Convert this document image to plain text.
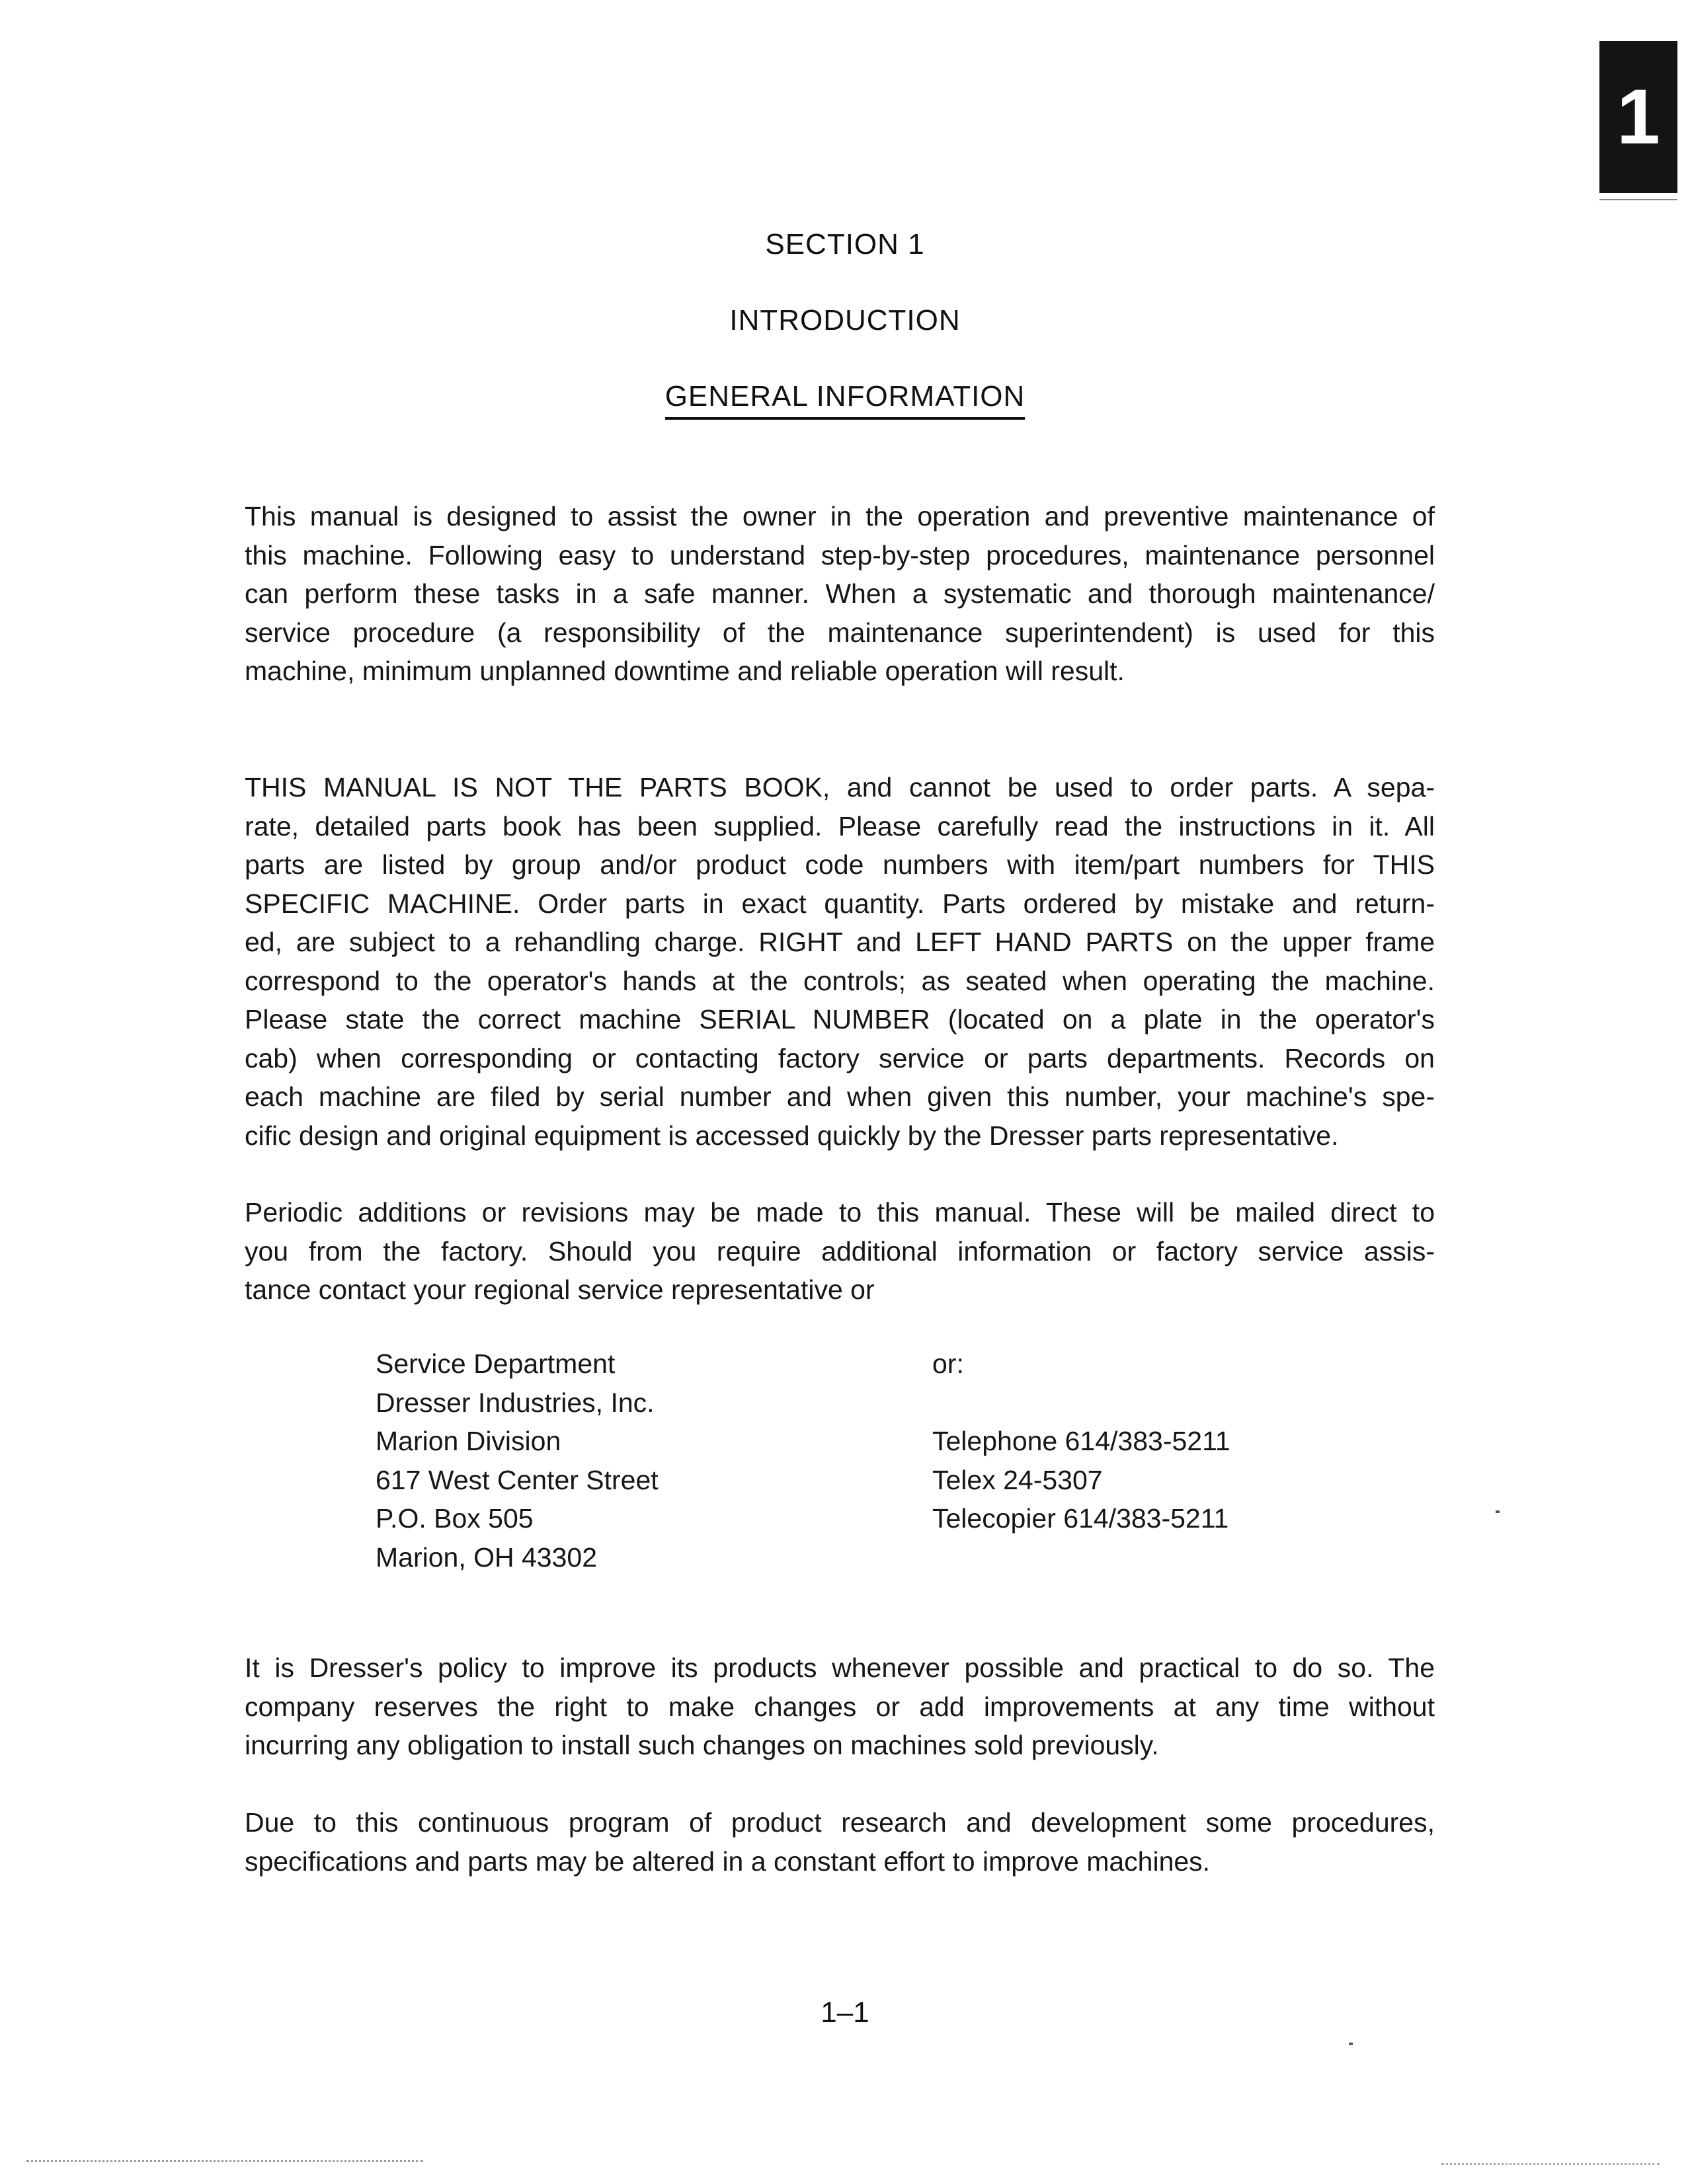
1
SECTION 1
INTRODUCTION
GENERAL INFORMATION
This manual is designed to assist the owner in the operation and preventive maintenance of
this machine. Following easy to understand step-by-step procedures, maintenance personnel
can perform these tasks in a safe manner. When a systematic and thorough maintenance/
service procedure (a responsibility of the maintenance superintendent) is used for this
machine, minimum unplanned downtime and reliable operation will result.
THIS MANUAL IS NOT THE PARTS BOOK, and cannot be used to order parts. A sepa-
rate, detailed parts book has been supplied. Please carefully read the instructions in it. All
parts are listed by group and/or product code numbers with item/part numbers for THIS
SPECIFIC MACHINE. Order parts in exact quantity. Parts ordered by mistake and return-
ed, are subject to a rehandling charge. RIGHT and LEFT HAND PARTS on the upper frame
correspond to the operator's hands at the controls; as seated when operating the machine.
Please state the correct machine SERIAL NUMBER (located on a plate in the operator's
cab) when corresponding or contacting factory service or parts departments. Records on
each machine are filed by serial number and when given this number, your machine's spe-
cific design and original equipment is accessed quickly by the Dresser parts representative.
Periodic additions or revisions may be made to this manual. These will be mailed direct to
you from the factory. Should you require additional information or factory service assis-
tance contact your regional service representative or
Service Department
Dresser Industries, Inc.
Marion Division
617 West Center Street
P.O. Box 505
Marion, OH 43302
or:
Telephone 614/383-5211
Telex 24-5307
Telecopier 614/383-5211
It is Dresser's policy to improve its products whenever possible and practical to do so. The
company reserves the right to make changes or add improvements at any time without
incurring any obligation to install such changes on machines sold previously.
Due to this continuous program of product research and development some procedures,
specifications and parts may be altered in a constant effort to improve machines.
1–1
